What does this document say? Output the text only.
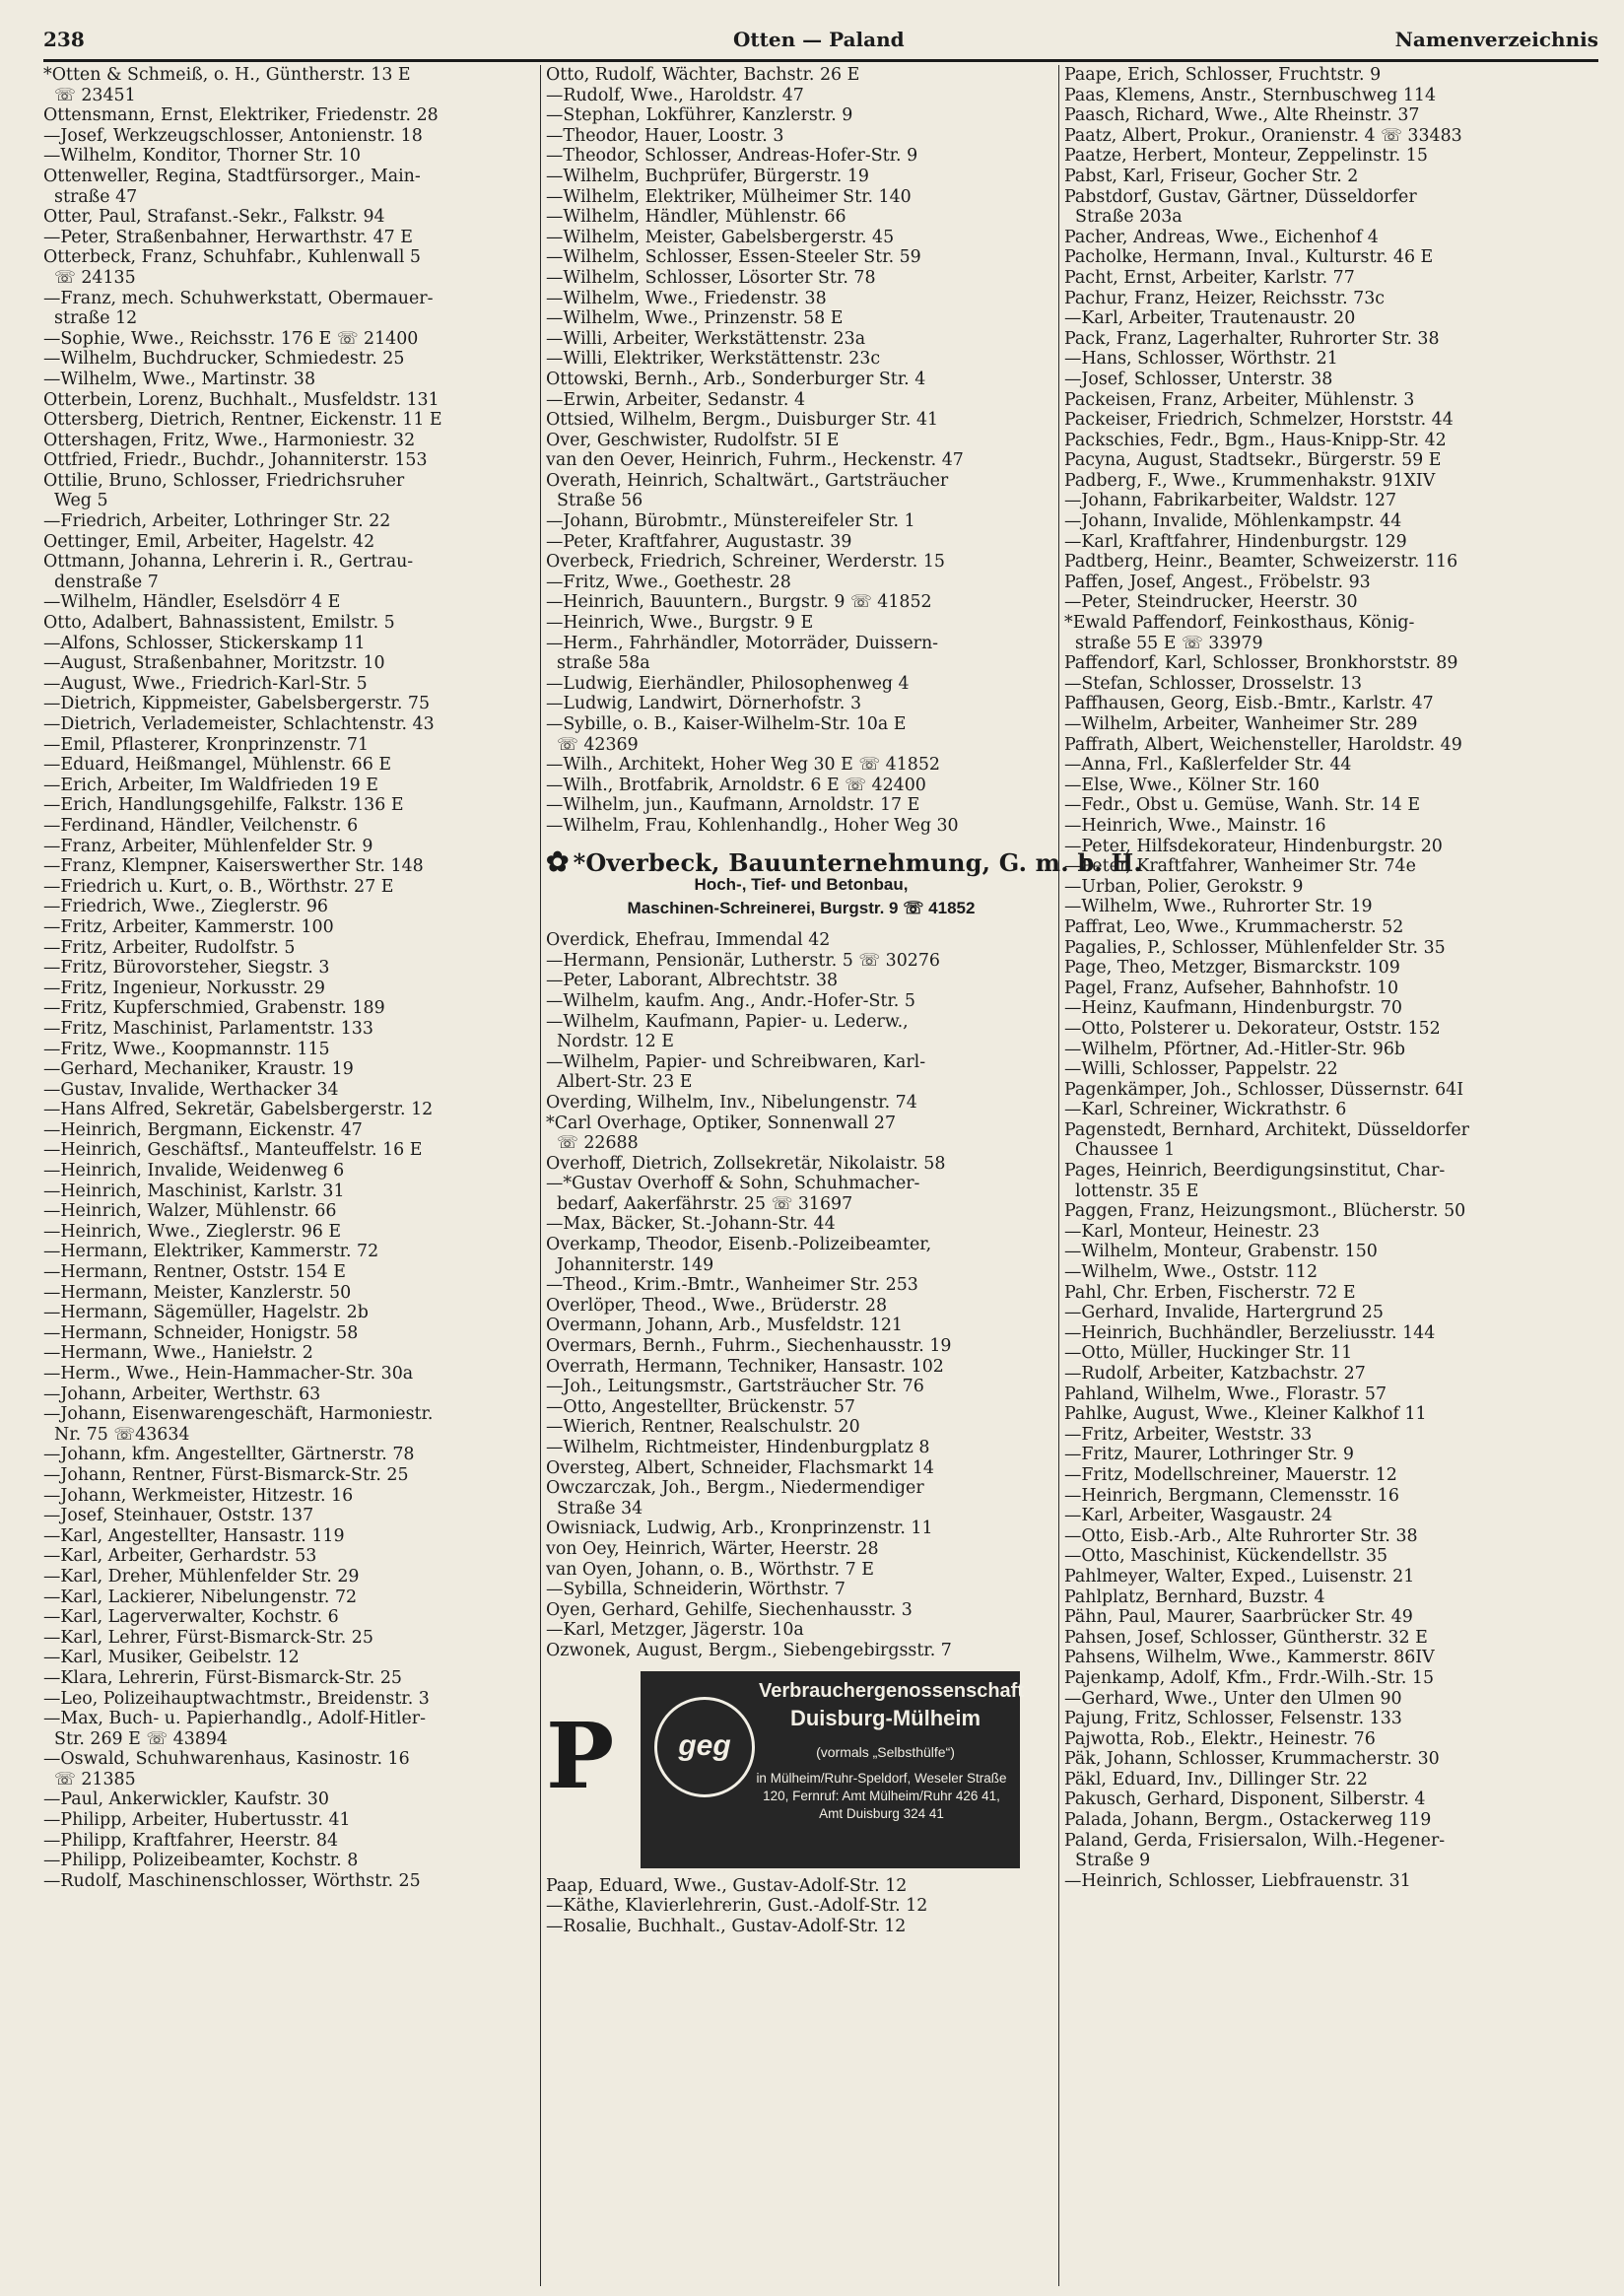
238	Otten — Paland	Namenverzeichnis
*Otten & Schmeiß, o. H., Güntherstr. 13 E
☏ 23451
Ottensmann, Ernst, Elektriker, Friedenstr. 28
—Josef, Werkzeugschlosser, Antonienstr. 18
—Wilhelm, Konditor, Thorner Str. 10
Ottenweller, Regina, Stadtfürsorger., Main-
straße 47
Otter, Paul, Strafanst.-Sekr., Falkstr. 94
—Peter, Straßenbahner, Herwarthstr. 47 E
Otterbeck, Franz, Schuhfabr., Kuhlenwall 5
☏ 24135
—Franz, mech. Schuhwerkstatt, Obermauer-
straße 12
—Sophie, Wwe., Reichsstr. 176 E ☏ 21400
—Wilhelm, Buchdrucker, Schmiedestr. 25
—Wilhelm, Wwe., Martinstr. 38
Otterbein, Lorenz, Buchhalt., Musfeldstr. 131
Ottersberg, Dietrich, Rentner, Eickenstr. 11 E
Ottershagen, Fritz, Wwe., Harmoniestr. 32
Ottfried, Friedr., Buchdr., Johanniterstr. 153
Ottilie, Bruno, Schlosser, Friedrichsruher
Weg 5
—Friedrich, Arbeiter, Lothringer Str. 22
Oettinger, Emil, Arbeiter, Hagelstr. 42
Ottmann, Johanna, Lehrerin i. R., Gertrau-
denstraße 7
—Wilhelm, Händler, Eselsdörr 4 E
Otto, Adalbert, Bahnassistent, Emilstr. 5
—Alfons, Schlosser, Stickerskamp 11
—August, Straßenbahner, Moritzstr. 10
—August, Wwe., Friedrich-Karl-Str. 5
—Dietrich, Kippmeister, Gabelsbergerstr. 75
—Dietrich, Verlademeister, Schlachtenstr. 43
—Emil, Pflasterer, Kronprinzenstr. 71
—Eduard, Heißmangel, Mühlenstr. 66 E
—Erich, Arbeiter, Im Waldfrieden 19 E
—Erich, Handlungsgehilfe, Falkstr. 136 E
—Ferdinand, Händler, Veilchenstr. 6
—Franz, Arbeiter, Mühlenfelder Str. 9
—Franz, Klempner, Kaiserswerther Str. 148
—Friedrich u. Kurt, o. B., Wörthstr. 27 E
—Friedrich, Wwe., Zieglerstr. 96
—Fritz, Arbeiter, Kammerstr. 100
—Fritz, Arbeiter, Rudolfstr. 5
—Fritz, Bürovorsteher, Siegstr. 3
—Fritz, Ingenieur, Norkusstr. 29
—Fritz, Kupferschmied, Grabenstr. 189
—Fritz, Maschinist, Parlamentstr. 133
—Fritz, Wwe., Koopmannstr. 115
—Gerhard, Mechaniker, Kraustr. 19
—Gustav, Invalide, Werthacker 34
—Hans Alfred, Sekretär, Gabelsbergerstr. 12
—Heinrich, Bergmann, Eickenstr. 47
—Heinrich, Geschäftsf., Manteuffelstr. 16 E
—Heinrich, Invalide, Weidenweg 6
—Heinrich, Maschinist, Karlstr. 31
—Heinrich, Walzer, Mühlenstr. 66
—Heinrich, Wwe., Zieglerstr. 96 E
—Hermann, Elektriker, Kammerstr. 72
—Hermann, Rentner, Oststr. 154 E
—Hermann, Meister, Kanzlerstr. 50
—Hermann, Sägemüller, Hagelstr. 2b
—Hermann, Schneider, Honigstr. 58
—Hermann, Wwe., Haniełstr. 2
—Herm., Wwe., Hein-Hammacher-Str. 30a
—Johann, Arbeiter, Werthstr. 63
—Johann, Eisenwarengeschäft, Harmoniestr.
Nr. 75 ☏43634
—Johann, kfm. Angestellter, Gärtnerstr. 78
—Johann, Rentner, Fürst-Bismarck-Str. 25
—Johann, Werkmeister, Hitzestr. 16
—Josef, Steinhauer, Oststr. 137
—Karl, Angestellter, Hansastr. 119
—Karl, Arbeiter, Gerhardstr. 53
—Karl, Dreher, Mühlenfelder Str. 29
—Karl, Lackierer, Nibelungenstr. 72
—Karl, Lagerverwalter, Kochstr. 6
—Karl, Lehrer, Fürst-Bismarck-Str. 25
—Karl, Musiker, Geibelstr. 12
—Klara, Lehrerin, Fürst-Bismarck-Str. 25
—Leo, Polizeihauptwachtmstr., Breidenstr. 3
—Max, Buch- u. Papierhandlg., Adolf-Hitler-
Str. 269 E ☏ 43894
—Oswald, Schuhwarenhaus, Kasinostr. 16
☏ 21385
—Paul, Ankerwickler, Kaufstr. 30
—Philipp, Arbeiter, Hubertusstr. 41
—Philipp, Kraftfahrer, Heerstr. 84
—Philipp, Polizeibeamter, Kochstr. 8
—Rudolf, Maschinenschlosser, Wörthstr. 25
Otto, Rudolf, Wächter, Bachstr. 26 E
—Rudolf, Wwe., Haroldstr. 47
—Stephan, Lokführer, Kanzlerstr. 9
—Theodor, Hauer, Loostr. 3
—Theodor, Schlosser, Andreas-Hofer-Str. 9
—Wilhelm, Buchprüfer, Bürgerstr. 19
—Wilhelm, Elektriker, Mülheimer Str. 140
—Wilhelm, Händler, Mühlenstr. 66
—Wilhelm, Meister, Gabelsbergerstr. 45
—Wilhelm, Schlosser, Essen-Steeler Str. 59
—Wilhelm, Schlosser, Lösorter Str. 78
—Wilhelm, Wwe., Friedenstr. 38
—Wilhelm, Wwe., Prinzenstr. 58 E
—Willi, Arbeiter, Werkstättenstr. 23a
—Willi, Elektriker, Werkstättenstr. 23c
Ottowski, Bernh., Arb., Sonderburger Str. 4
—Erwin, Arbeiter, Sedanstr. 4
Ottsied, Wilhelm, Bergm., Duisburger Str. 41
Over, Geschwister, Rudolfstr. 5I E
van den Oever, Heinrich, Fuhrm., Heckenstr. 47
Overath, Heinrich, Schaltwärt., Gartsträucher
Straße 56
—Johann, Bürobmtr., Münstereifeler Str. 1
—Peter, Kraftfahrer, Augustastr. 39
Overbeck, Friedrich, Schreiner, Werderstr. 15
—Fritz, Wwe., Goethestr. 28
—Heinrich, Bauuntern., Burgstr. 9 ☏ 41852
—Heinrich, Wwe., Burgstr. 9 E
—Herm., Fahrhändler, Motorräder, Duissern-
straße 58a
—Ludwig, Eierhändler, Philosophenweg 4
—Ludwig, Landwirt, Dörnerhofstr. 3
—Sybille, o. B., Kaiser-Wilhelm-Str. 10a E
☏ 42369
—Wilh., Architekt, Hoher Weg 30 E ☏ 41852
—Wilh., Brotfabrik, Arnoldstr. 6 E ☏ 42400
—Wilhelm, jun., Kaufmann, Arnoldstr. 17 E
—Wilhelm, Frau, Kohlenhandlg., Hoher Weg 30
✿ *Overbeck, Bauunternehmung, G. m. b. H.
Hoch-, Tief- und Betonbau,
Maschinen-Schreinerei, Burgstr. 9 ☏ 41852
Overdick, Ehefrau, Immendal 42
—Hermann, Pensionär, Lutherstr. 5 ☏ 30276
—Peter, Laborant, Albrechtstr. 38
—Wilhelm, kaufm. Ang., Andr.-Hofer-Str. 5
—Wilhelm, Kaufmann, Papier- u. Lederw.,
Nordstr. 12 E
—Wilhelm, Papier- und Schreibwaren, Karl-
Albert-Str. 23 E
Overding, Wilhelm, Inv., Nibelungenstr. 74
*Carl Overhage, Optiker, Sonnenwall 27
☏ 22688
Overhoff, Dietrich, Zollsekretär, Nikolaistr. 58
—*Gustav Overhoff & Sohn, Schuhmacher-
bedarf, Aakerfährstr. 25 ☏ 31697
—Max, Bäcker, St.-Johann-Str. 44
Overkamp, Theodor, Eisenb.-Polizeibeamter,
Johanniterstr. 149
—Theod., Krim.-Bmtr., Wanheimer Str. 253
Overlöper, Theod., Wwe., Brüderstr. 28
Overmann, Johann, Arb., Musfeldstr. 121
Overmars, Bernh., Fuhrm., Siechenhausstr. 19
Overrath, Hermann, Techniker, Hansastr. 102
—Joh., Leitungsmstr., Gartsträucher Str. 76
—Otto, Angestellter, Brückenstr. 57
—Wierich, Rentner, Realschulstr. 20
—Wilhelm, Richtmeister, Hindenburgplatz 8
Oversteg, Albert, Schneider, Flachsmarkt 14
Owczarczak, Joh., Bergm., Niedermendiger
Straße 34
Owisniack, Ludwig, Arb., Kronprinzenstr. 11
von Oey, Heinrich, Wärter, Heerstr. 28
van Oyen, Johann, o. B., Wörthstr. 7 E
—Sybilla, Schneiderin, Wörthstr. 7
Oyen, Gerhard, Gehilfe, Siechenhausstr. 3
—Karl, Metzger, Jägerstr. 10a
Ozwonek, August, Bergm., Siebengebirgsstr. 7
P	geg
Verbrauchergenossenschaft
Duisburg-Mülheim
(vormals „Selbsthülfe“)
in Mülheim/Ruhr-Speldorf, Weseler Straße 120, Fernruf: Amt Mülheim/Ruhr 426 41, Amt Duisburg 324 41
Paap, Eduard, Wwe., Gustav-Adolf-Str. 12
—Käthe, Klavierlehrerin, Gust.-Adolf-Str. 12
—Rosalie, Buchhalt., Gustav-Adolf-Str. 12
Paape, Erich, Schlosser, Fruchtstr. 9
Paas, Klemens, Anstr., Sternbuschweg 114
Paasch, Richard, Wwe., Alte Rheinstr. 37
Paatz, Albert, Prokur., Oranienstr. 4 ☏ 33483
Paatze, Herbert, Monteur, Zeppelinstr. 15
Pabst, Karl, Friseur, Gocher Str. 2
Pabstdorf, Gustav, Gärtner, Düsseldorfer
Straße 203a
Pacher, Andreas, Wwe., Eichenhof 4
Pacholke, Hermann, Inval., Kulturstr. 46 E
Pacht, Ernst, Arbeiter, Karlstr. 77
Pachur, Franz, Heizer, Reichsstr. 73c
—Karl, Arbeiter, Trautenaustr. 20
Pack, Franz, Lagerhalter, Ruhrorter Str. 38
—Hans, Schlosser, Wörthstr. 21
—Josef, Schlosser, Unterstr. 38
Packeisen, Franz, Arbeiter, Mühlenstr. 3
Packeiser, Friedrich, Schmelzer, Horststr. 44
Packschies, Fedr., Bgm., Haus-Knipp-Str. 42
Pacyna, August, Stadtsekr., Bürgerstr. 59 E
Padberg, F., Wwe., Krummenhakstr. 91XIV
—Johann, Fabrikarbeiter, Waldstr. 127
—Johann, Invalide, Möhlenkampstr. 44
—Karl, Kraftfahrer, Hindenburgstr. 129
Padtberg, Heinr., Beamter, Schweizerstr. 116
Paffen, Josef, Angest., Fröbelstr. 93
—Peter, Steindrucker, Heerstr. 30
*Ewald Paffendorf, Feinkosthaus, König-
straße 55 E ☏ 33979
Paffendorf, Karl, Schlosser, Bronkhorststr. 89
—Stefan, Schlosser, Drosselstr. 13
Paffhausen, Georg, Eisb.-Bmtr., Karlstr. 47
—Wilhelm, Arbeiter, Wanheimer Str. 289
Paffrath, Albert, Weichensteller, Haroldstr. 49
—Anna, Frl., Kaßlerfelder Str. 44
—Else, Wwe., Kölner Str. 160
—Fedr., Obst u. Gemüse, Wanh. Str. 14 E
—Heinrich, Wwe., Mainstr. 16
—Peter, Hilfsdekorateur, Hindenburgstr. 20
—Peter, Kraftfahrer, Wanheimer Str. 74e
—Urban, Polier, Gerokstr. 9
—Wilhelm, Wwe., Ruhrorter Str. 19
Paffrat, Leo, Wwe., Krummacherstr. 52
Pagalies, P., Schlosser, Mühlenfelder Str. 35
Page, Theo, Metzger, Bismarckstr. 109
Pagel, Franz, Aufseher, Bahnhofstr. 10
—Heinz, Kaufmann, Hindenburgstr. 70
—Otto, Polsterer u. Dekorateur, Oststr. 152
—Wilhelm, Pförtner, Ad.-Hitler-Str. 96b
—Willi, Schlosser, Pappelstr. 22
Pagenkämper, Joh., Schlosser, Düssernstr. 64I
—Karl, Schreiner, Wickrathstr. 6
Pagenstedt, Bernhard, Architekt, Düsseldorfer
Chaussee 1
Pages, Heinrich, Beerdigungsinstitut, Char-
lottenstr. 35 E
Paggen, Franz, Heizungsmont., Blücherstr. 50
—Karl, Monteur, Heinestr. 23
—Wilhelm, Monteur, Grabenstr. 150
—Wilhelm, Wwe., Oststr. 112
Pahl, Chr. Erben, Fischerstr. 72 E
—Gerhard, Invalide, Hartergrund 25
—Heinrich, Buchhändler, Berzeliusstr. 144
—Otto, Müller, Huckinger Str. 11
—Rudolf, Arbeiter, Katzbachstr. 27
Pahland, Wilhelm, Wwe., Florastr. 57
Pahlke, August, Wwe., Kleiner Kalkhof 11
—Fritz, Arbeiter, Weststr. 33
—Fritz, Maurer, Lothringer Str. 9
—Fritz, Modellschreiner, Mauerstr. 12
—Heinrich, Bergmann, Clemensstr. 16
—Karl, Arbeiter, Wasgaustr. 24
—Otto, Eisb.-Arb., Alte Ruhrorter Str. 38
—Otto, Maschinist, Kückendellstr. 35
Pahlmeyer, Walter, Exped., Luisenstr. 21
Pahlplatz, Bernhard, Buzstr. 4
Pähn, Paul, Maurer, Saarbrücker Str. 49
Pahsen, Josef, Schlosser, Güntherstr. 32 E
Pahsens, Wilhelm, Wwe., Kammerstr. 86IV
Pajenkamp, Adolf, Kfm., Frdr.-Wilh.-Str. 15
—Gerhard, Wwe., Unter den Ulmen 90
Pajung, Fritz, Schlosser, Felsenstr. 133
Pajwotta, Rob., Elektr., Heinestr. 76
Päk, Johann, Schlosser, Krummacherstr. 30
Päkl, Eduard, Inv., Dillinger Str. 22
Pakusch, Gerhard, Disponent, Silberstr. 4
Palada, Johann, Bergm., Ostackerweg 119
Paland, Gerda, Frisiersalon, Wilh.-Hegener-
Straße 9
—Heinrich, Schlosser, Liebfrauenstr. 31
